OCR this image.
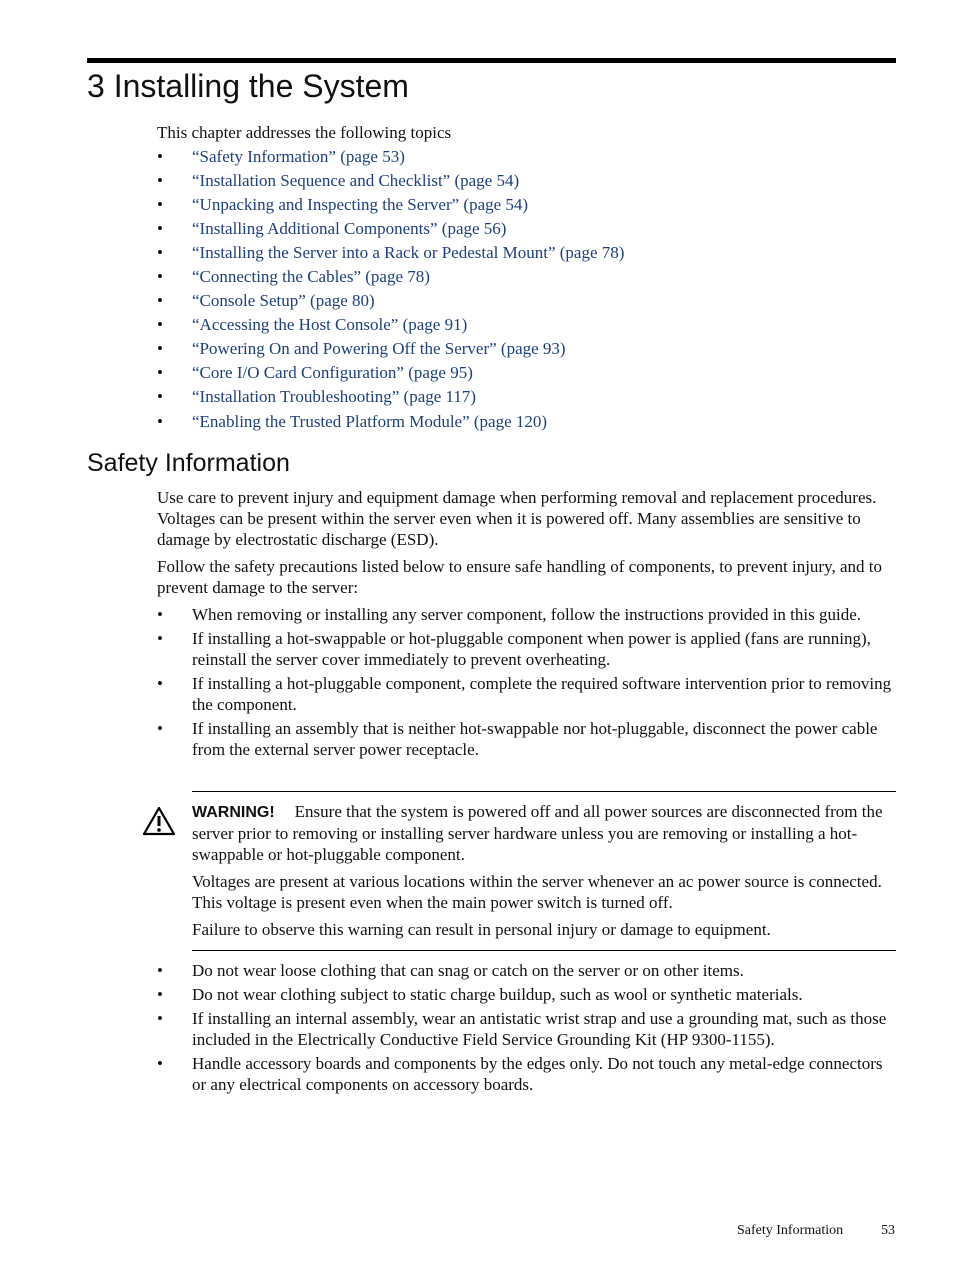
3 Installing the System
This chapter addresses the following topics
•	“Safety Information” (page 53)
•	“Installation Sequence and Checklist” (page 54)
•	“Unpacking and Inspecting the Server” (page 54)
•	“Installing Additional Components” (page 56)
•	“Installing the Server into a Rack or Pedestal Mount” (page 78)
•	“Connecting the Cables” (page 78)
•	“Console Setup” (page 80)
•	“Accessing the Host Console” (page 91)
•	“Powering On and Powering Off the Server” (page 93)
•	“Core I/O Card Configuration” (page 95)
•	“Installation Troubleshooting” (page 117)
•	“Enabling the Trusted Platform Module” (page 120)
Safety Information

Use care to prevent injury and equipment damage when performing removal and replacement procedures. Voltages can be present within the server even when it is powered off. Many assemblies are sensitive to damage by electrostatic discharge (ESD).

Follow the safety precautions listed below to ensure safe handling of components, to prevent injury, and to prevent damage to the server:

•	When removing or installing any server component, follow the instructions provided in this guide.
•	If installing a hot-swappable or hot-pluggable component when power is applied (fans are running), reinstall the server cover immediately to prevent overheating.
•	If installing a hot-pluggable component, complete the required software intervention prior to removing the component.
•	If installing an assembly that is neither hot-swappable nor hot-pluggable, disconnect the power cable from the external server power receptacle.

WARNING! Ensure that the system is powered off and all power sources are disconnected from the server prior to removing or installing server hardware unless you are removing or installing a hot-swappable or hot-pluggable component.

Voltages are present at various locations within the server whenever an ac power source is connected. This voltage is present even when the main power switch is turned off.

Failure to observe this warning can result in personal injury or damage to equipment.

•	Do not wear loose clothing that can snag or catch on the server or on other items.
•	Do not wear clothing subject to static charge buildup, such as wool or synthetic materials.
•	If installing an internal assembly, wear an antistatic wrist strap and use a grounding mat, such as those included in the Electrically Conductive Field Service Grounding Kit (HP 9300-1155).
•	Handle accessory boards and components by the edges only. Do not touch any metal-edge connectors or any electrical components on accessory boards.
Safety Information	53
